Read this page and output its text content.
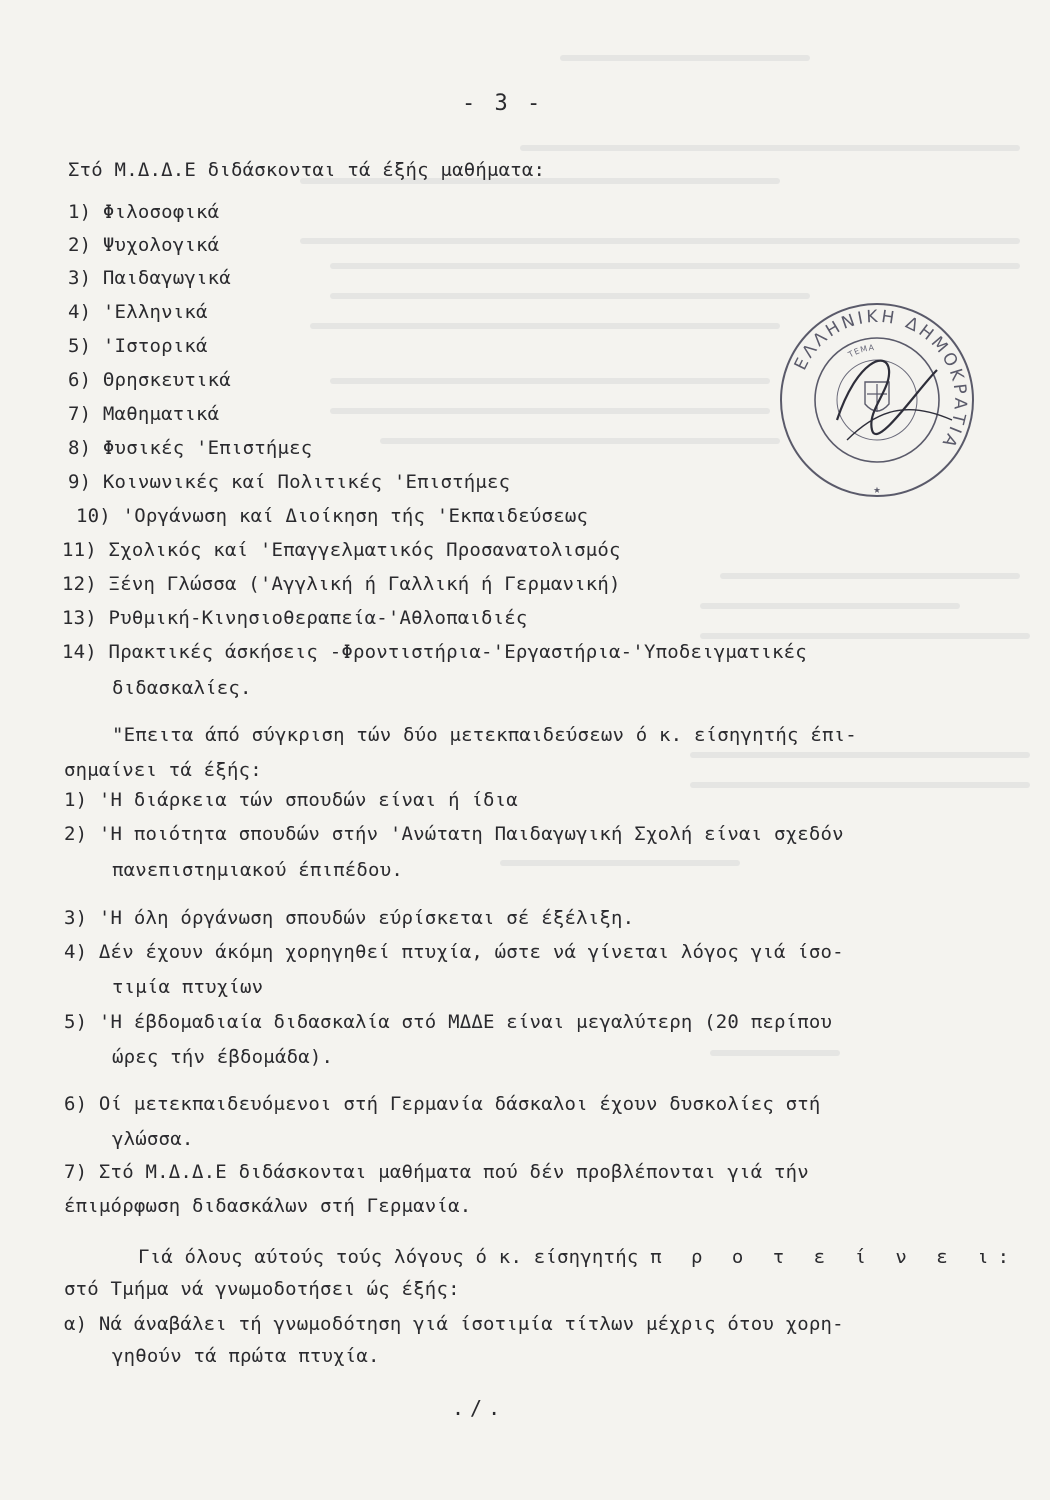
- 3 -
Στό Μ.Δ.Δ.Ε διδάσκονται τά έξής μαθήματα:
1) Φιλοσοφικά
2) Ψυχολογικά
3) Παιδαγωγικά
4) 'Ελληνικά
5) 'Ιστορικά
6) Θρησκευτικά
7) Μαθηματικά
8) Φυσικές 'Επιστήμες
9) Κοινωνικές καί Πολιτικές 'Επιστήμες
10) 'Οργάνωση καί Διοίκηση τής 'Εκπαιδεύσεως
11) Σχολικός καί 'Επαγγελματικός Προσανατολισμός
12) Ξένη Γλώσσα ('Αγγλική ή Γαλλική ή Γερμανική)
13) Ρυθμική-Κινησιοθεραπεία-'Αθλοπαιδιές
14) Πρακτικές άσκήσεις -Φροντιστήρια-'Εργαστήρια-'Υποδειγματικές
διδασκαλίες.
"Επειτα άπό σύγκριση τών δύο μετεκπαιδεύσεων ό κ. είσηγητής έπι-
σημαίνει τά έξής:
1) 'Η διάρκεια τών σπουδών είναι ή ίδια
2) 'Η ποιότητα σπουδών στήν 'Ανώτατη Παιδαγωγική Σχολή είναι σχεδόν
πανεπιστημιακού έπιπέδου.
3) 'Η όλη όργάνωση σπουδών εύρίσκεται σέ έξέλιξη.
4) Δέν έχουν άκόμη χορηγηθεί πτυχία, ώστε νά γίνεται λόγος γιά ίσο-
τιμία πτυχίων
5) 'Η έβδομαδιαία διδασκαλία στό ΜΔΔΕ είναι μεγαλύτερη (20 περίπου
ώρες τήν έβδομάδα).
6) Οί μετεκπαιδευόμενοι στή Γερμανία δάσκαλοι έχουν δυσκολίες στή
γλώσσα.
7) Στό Μ.Δ.Δ.Ε διδάσκονται μαθήματα πού δέν προβλέπονται γιά τήν
έπιμόρφωση διδασκάλων στή Γερμανία.
Γιά όλους αύτούς τούς λόγους ό κ. είσηγητής π ρ ο τ ε ί ν ε ι:
στό Τμήμα νά γνωμοδοτήσει ώς έξής:
α) Νά άναβάλει τή γνωμοδότηση γιά ίσοτιμία τίτλων μέχρις ότου χορη-
γηθούν τά πρώτα πτυχία.
./.
ΕΛΛΗΝΙΚΗ ΔΗΜΟΚΡΑΤΙΑ
ΤΕΜΑ
★
